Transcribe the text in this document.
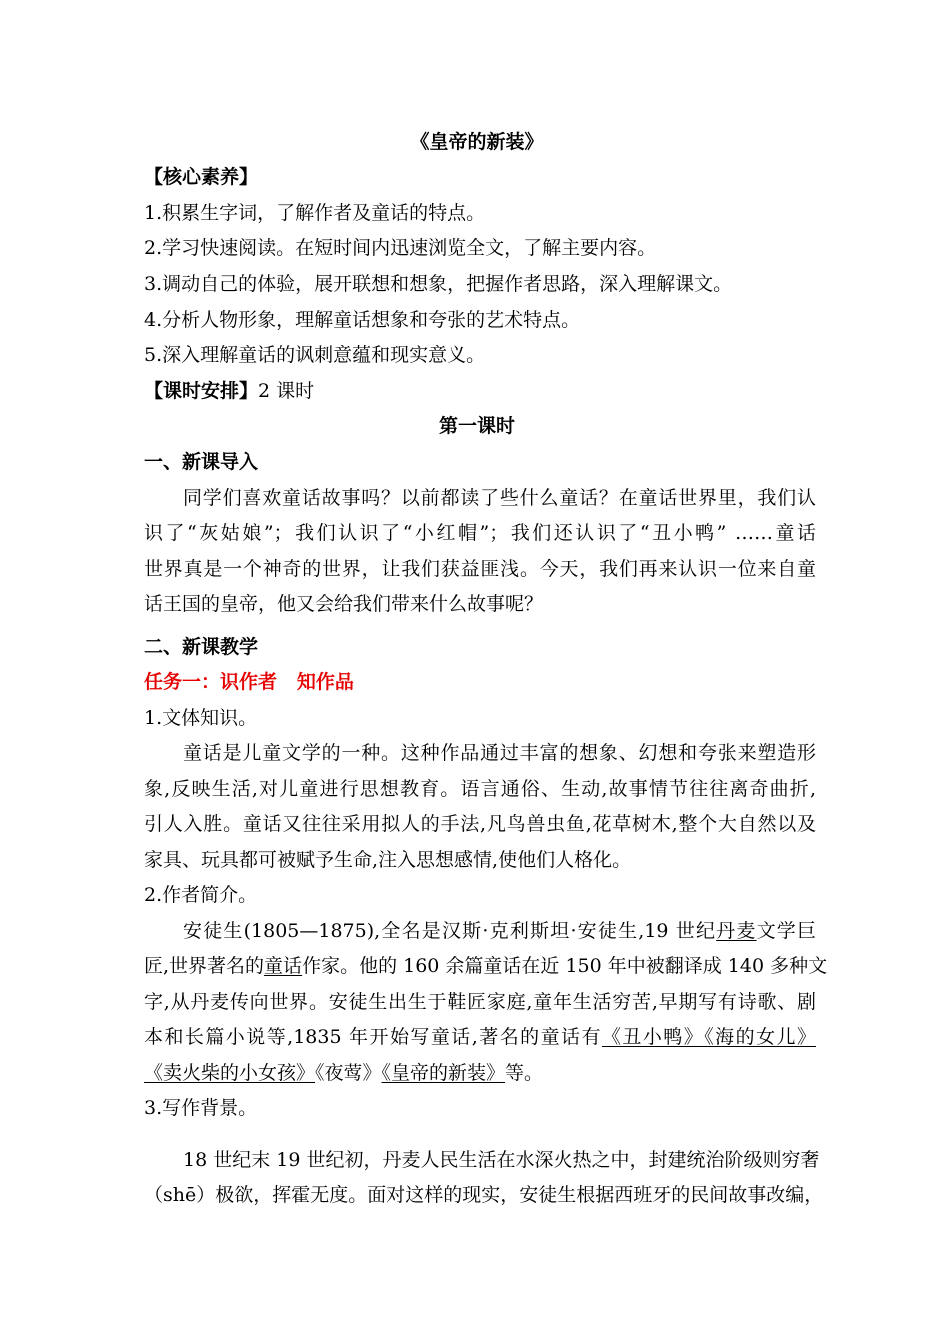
《皇帝的新装》
【核心素养】
1.积累生字词，了解作者及童话的特点。
2.学习快速阅读。在短时间内迅速浏览全文，了解主要内容。
3.调动自己的体验，展开联想和想象，把握作者思路，深入理解课文。
4.分析人物形象，理解童话想象和夸张的艺术特点。
5.深入理解童话的讽刺意蕴和现实意义。
【课时安排】2 课时
第一课时
一、新课导入
同学们喜欢童话故事吗？以前都读了些什么童话？在童话世界里，我们认
识了“灰姑娘”；我们认识了“小红帽”；我们还认识了“丑小鸭” ……童话
世界真是一个神奇的世界，让我们获益匪浅。今天，我们再来认识一位来自童
话王国的皇帝，他又会给我们带来什么故事呢？
二、新课教学
任务一：识作者   知作品
1.文体知识。
童话是儿童文学的一种。这种作品通过丰富的想象、幻想和夸张来塑造形
象,反映生活,对儿童进行思想教育。语言通俗、生动,故事情节往往离奇曲折,
引人入胜。童话又往往采用拟人的手法,凡鸟兽虫鱼,花草树木,整个大自然以及
家具、玩具都可被赋予生命,注入思想感情,使他们人格化。
2.作者简介。
安徒生(1805—1875),全名是汉斯·克利斯坦·安徒生,19 世纪丹麦文学巨
匠,世界著名的童话作家。他的 160 余篇童话在近 150 年中被翻译成 140 多种文
字,从丹麦传向世界。安徒生出生于鞋匠家庭,童年生活穷苦,早期写有诗歌、剧
本和长篇小说等,1835 年开始写童话,著名的童话有《丑小鸭》《海的女儿》
《卖火柴的小女孩》《夜莺》《皇帝的新装》等。
3.写作背景。
18 世纪末 19 世纪初，丹麦人民生活在水深火热之中，封建统治阶级则穷奢
（shē）极欲，挥霍无度。面对这样的现实，安徒生根据西班牙的民间故事改编，
